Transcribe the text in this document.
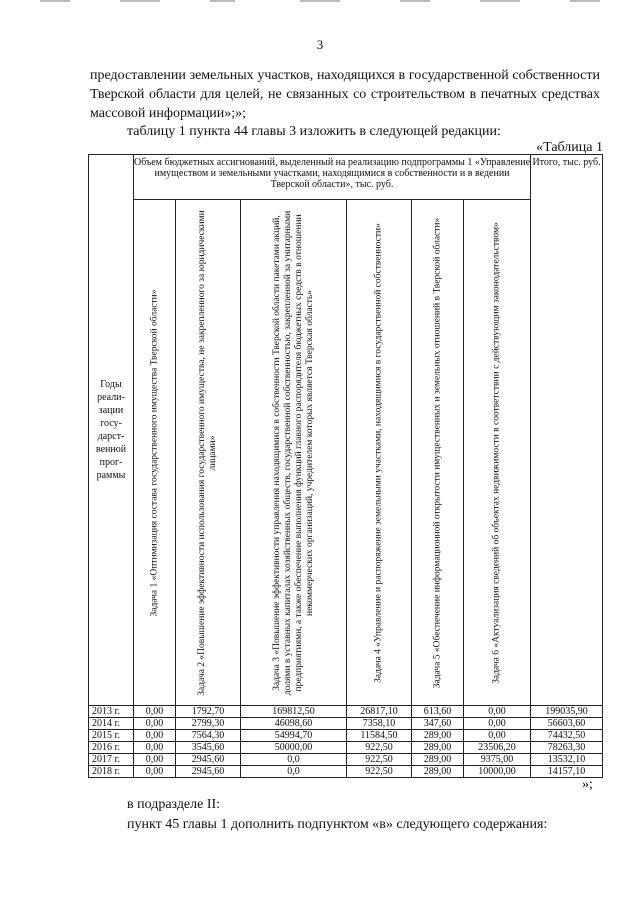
3

предоставлении земельных участков, находящихся в государственной собственности Тверской области для целей, не связанных со строительством в печатных средствах массовой информации»;»;

таблицу 1 пункта 44 главы 3 изложить в следующей редакции:

«Таблица 1
Годы реали-зации госу-дарст-венной прог-раммы	Объем бюджетных ассигнований, выделенный на реализацию подпрограммы 1 «Управление имуществом и земельными участками, находящимися в собственности и в ведении Тверской области», тыс. руб.						Итого, тыс. руб.

	Задача 1 «Оптимизация состава государственного имущества Тверской области»	Задача 2 «Повышение эффективности использования государственного имущества, не закрепленного за юридическими лицами»	Задача 3 «Повышение эффективности управления находящимися в собственности Тверской области пакетами акций, долями в уставных капиталах хозяйственных обществ, государственной собственностью, закрепленной за унитарными предприятиями, а также обеспечение выполнения функций главного распорядителя бюджетных средств в отношении некоммерческих организаций, учредителем которых является Тверская область»	Задача 4 «Управление и распоряжение земельными участками, находящимися в государственной собственности»	Задача 5 «Обеспечение информационной открытости имущественных и земельных отношений в Тверской области»	Задача 6 «Актуализация сведений об объектах недвижимости в соответствии с действующим законодательством»	

2013 г.	0,00	1792,70	169812,50	26817,10	613,60	0,00	199035,90
2014 г.	0,00	2799,30	46098,60	7358,10	347,60	0,00	56603,60
2015 г.	0,00	7564,30	54994,70	11584,50	289,00	0,00	74432,50
2016 г.	0,00	3545,60	50000,00	922,50	289,00	23506,20	78263,30
2017 г.	0,00	2945,60	0,0	922,50	289,00	9375,00	13532,10
2018 г.	0,00	2945,60	0,0	922,50	289,00	10000,00	14157,10
»;

в подразделе II:

пункт 45 главы 1 дополнить подпунктом «в» следующего содержания:
